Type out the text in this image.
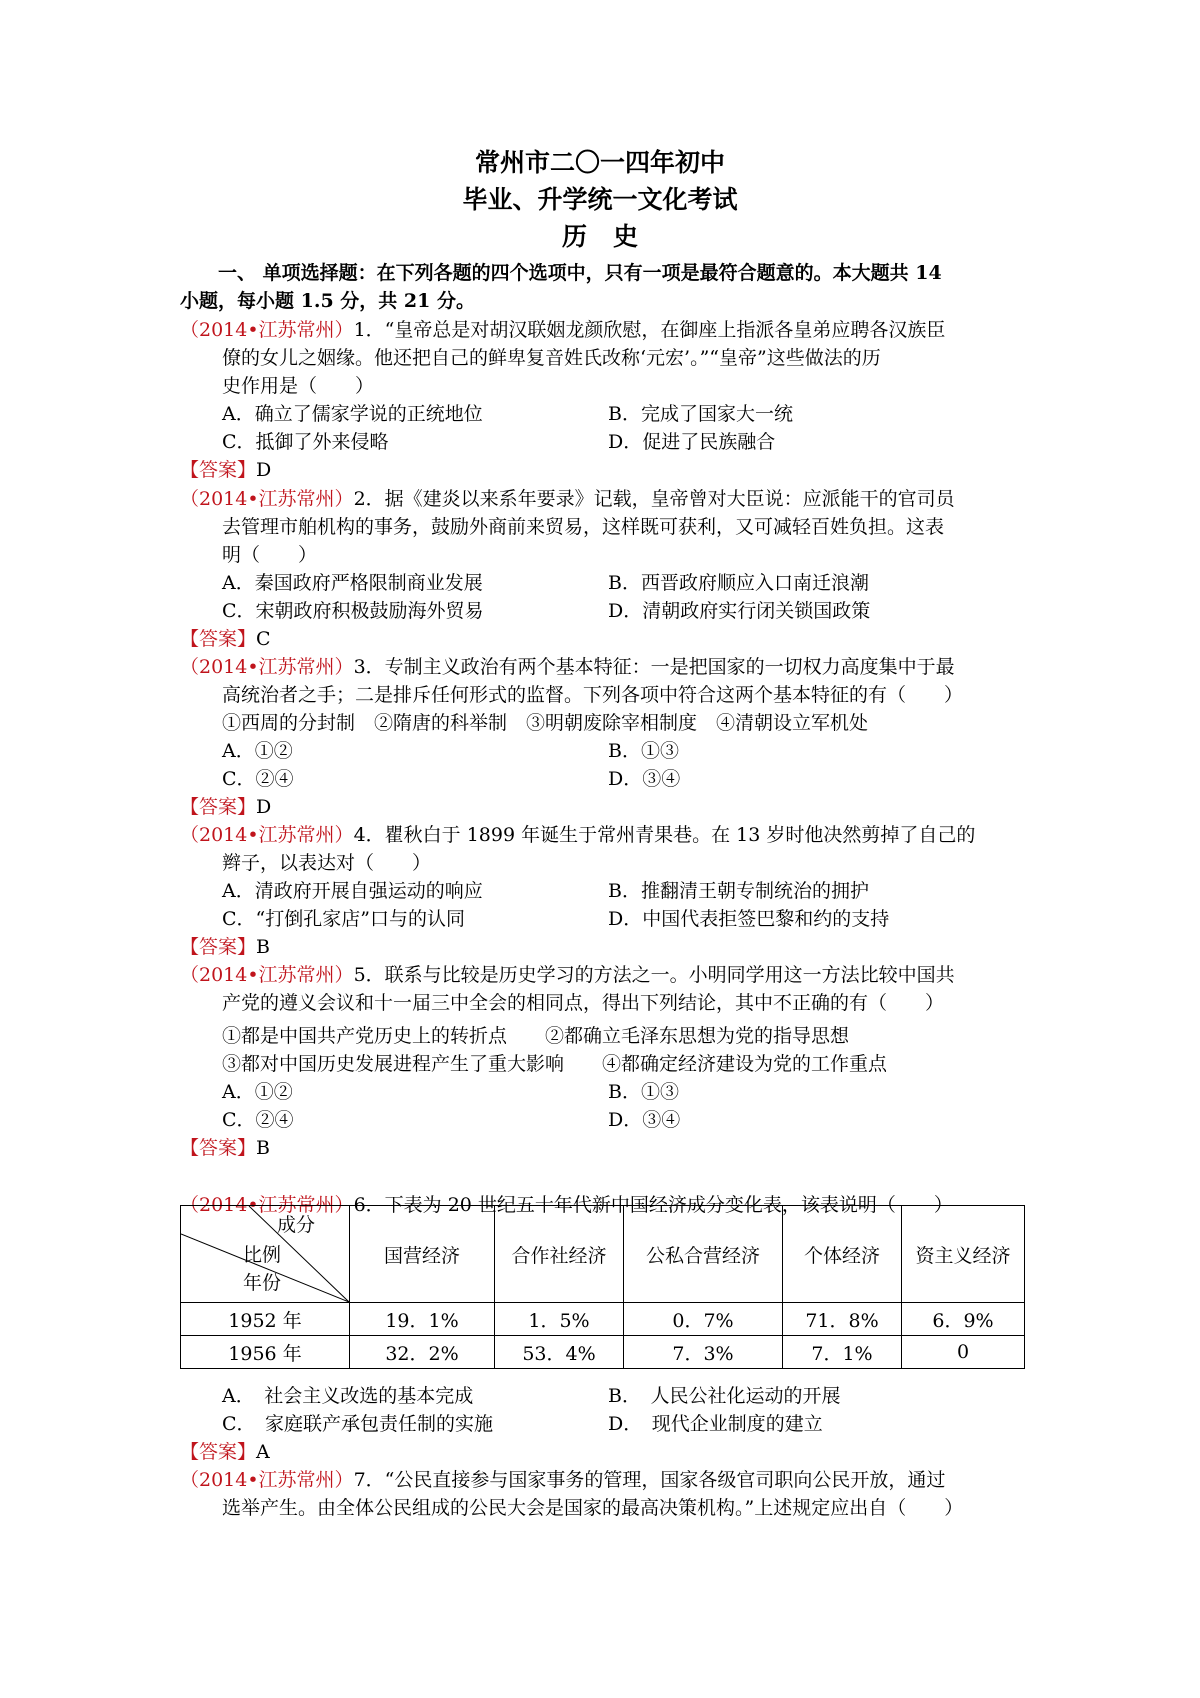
常州市二〇一四年初中
毕业、升学统一文化考试
历史
一、 单项选择题：在下列各题的四个选项中，只有一项是最符合题意的。本大题共 14
小题，每小题 1.5 分，共 21 分。
（2014•江苏常州）1．“皇帝总是对胡汉联姻龙颜欣慰，在御座上指派各皇弟应聘各汉族臣
僚的女儿之姻缘。他还把自己的鲜卑复音姓氏改称‘元宏’。”“皇帝”这些做法的历
史作用是（　　）
A．确立了儒家学说的正统地位	B．完成了国家大一统
C．抵御了外来侵略	D．促进了民族融合
【答案】D
（2014•江苏常州）2．据《建炎以来系年要录》记载，皇帝曾对大臣说：应派能干的官司员
去管理市舶机构的事务，鼓励外商前来贸易，这样既可获利，又可减轻百姓负担。这表
明（　　）
A．秦国政府严格限制商业发展	B．西晋政府顺应入口南迁浪潮
C．宋朝政府积极鼓励海外贸易	D．清朝政府实行闭关锁国政策
【答案】C
（2014•江苏常州）3．专制主义政治有两个基本特征：一是把国家的一切权力高度集中于最
高统治者之手；二是排斥任何形式的监督。下列各项中符合这两个基本特征的有（　　）
①西周的分封制　②隋唐的科举制　③明朝废除宰相制度　④清朝设立军机处
A．①②	B．①③
C．②④	D．③④
【答案】D
（2014•江苏常州）4．瞿秋白于 1899 年诞生于常州青果巷。在 13 岁时他决然剪掉了自己的
辫子，以表达对（　　）
A．清政府开展自强运动的响应	B．推翻清王朝专制统治的拥护
C．“打倒孔家店”口与的认同	D．中国代表拒签巴黎和约的支持
【答案】B
（2014•江苏常州）5．联系与比较是历史学习的方法之一。小明同学用这一方法比较中国共
产党的遵义会议和十一届三中全会的相同点，得出下列结论，其中不正确的有（　　）
①都是中国共产党历史上的转折点　　②都确立毛泽东思想为党的指导思想
③都对中国历史发展进程产生了重大影响　　④都确定经济建设为党的工作重点
A．①②	B．①③
C．②④	D．③④
【答案】B
（2014•江苏常州）6．下表为 20 世纪五十年代新中国经济成分变化表，该表说明（　　）
成分
比例
年份	国营经济	合作社经济	公私合营经济	个体经济	资主义经济
1952 年	19．1%	1．5%	0．7%	71．8%	6．9%
1956 年	32．2%	53．4%	7．3%	7．1%	0
A．　社会主义改选的基本完成	B．　人民公社化运动的开展
C．　家庭联产承包责任制的实施	D．　现代企业制度的建立
【答案】A
（2014•江苏常州）7．“公民直接参与国家事务的管理，国家各级官司职向公民开放，通过
选举产生。由全体公民组成的公民大会是国家的最高决策机构。”上述规定应出自（　　）
